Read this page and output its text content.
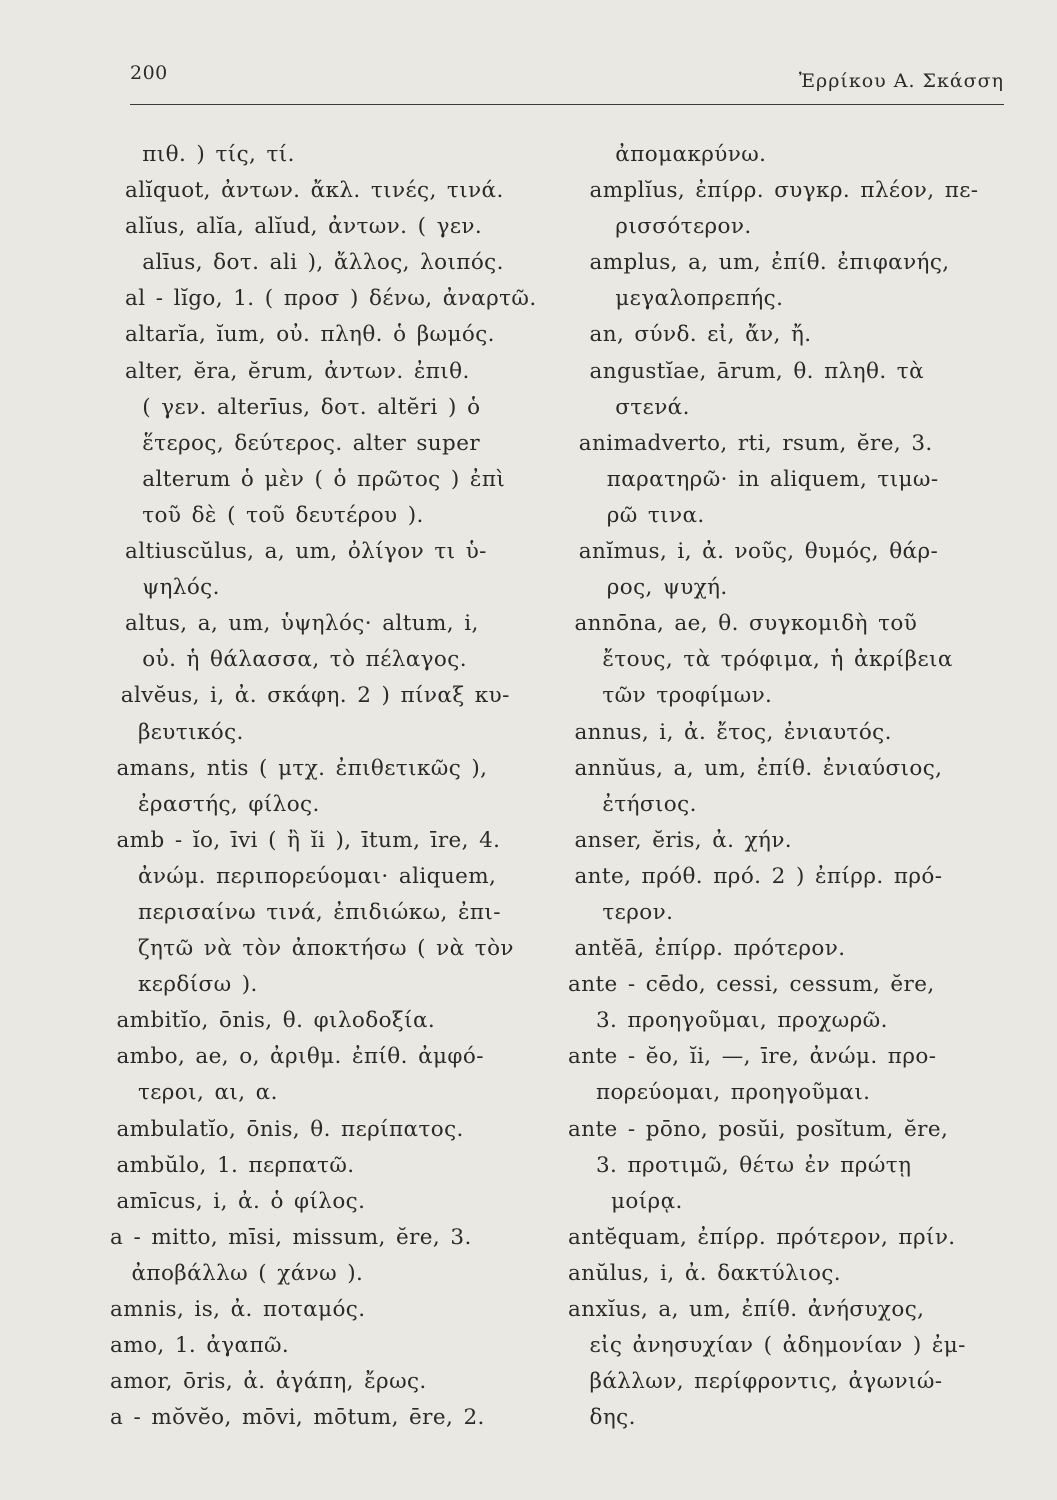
200	Ἐρρίκου Α. Σκάσση
πιθ. ) τίς, τί.
alĭquot, ἀντων. ἄκλ. τινές, τινά.
alĭus, alĭa, alĭud, ἀντων. ( γεν.
alīus, δοτ. ali ), ἄλλος, λοιπός.
al - lĭgo, 1. ( προσ ) δένω, ἀναρτῶ.
altarĭa, ĭum, οὐ. πληθ. ὁ βωμός.
alter, ĕra, ĕrum, ἀντων. ἐπιθ.
( γεν. alterīus, δοτ. altĕri ) ὁ
ἕτερος, δεύτερος. alter super
alterum ὁ μὲν ( ὁ πρῶτος ) ἐπὶ
τοῦ δὲ ( τοῦ δευτέρου ).
altiuscŭlus, a, um, ὀλίγον τι ὑ-
ψηλός.
altus, a, um, ὑψηλός· altum, i,
οὐ. ἡ θάλασσα, τὸ πέλαγος.
alvĕus, i, ἀ. σκάφη. 2 ) πίναξ κυ-
βευτικός.
amans, ntis ( μτχ. ἐπιθετικῶς ),
ἐραστής, φίλος.
amb - ĭo, īvi ( ἢ ĭi ), ītum, īre, 4.
ἀνώμ. περιπορεύομαι· aliquem,
περισαίνω τινά, ἐπιδιώκω, ἐπι-
ζητῶ νὰ τὸν ἀποκτήσω ( νὰ τὸν
κερδίσω ).
ambitĭo, ōnis, θ. φιλοδοξία.
ambo, ae, o, ἀριθμ. ἐπίθ. ἀμφό-
τεροι, αι, α.
ambulatĭo, ōnis, θ. περίπατος.
ambŭlo, 1. περπατῶ.
amīcus, i, ἀ. ὁ φίλος.
a - mitto, mīsi, missum, ĕre, 3.
ἀποβάλλω ( χάνω ).
amnis, is, ἀ. ποταμός.
amo, 1. ἀγαπῶ.
amor, ōris, ἀ. ἀγάπη, ἔρως.
a - mŏvĕo, mōvi, mōtum, ēre, 2.
ἀπομακρύνω.
amplĭus, ἐπίρρ. συγκρ. πλέον, πε-
ρισσότερον.
amplus, a, um, ἐπίθ. ἐπιφανής,
μεγαλοπρεπής.
an, σύνδ. εἰ, ἄν, ἤ.
angustĭae, ārum, θ. πληθ. τὰ
στενά.
animadverto, rti, rsum, ĕre, 3.
παρατηρῶ· in aliquem, τιμω-
ρῶ τινα.
anĭmus, i, ἀ. νοῦς, θυμός, θάρ-
ρος, ψυχή.
annōna, ae, θ. συγκομιδὴ τοῦ
ἔτους, τὰ τρόφιμα, ἡ ἀκρίβεια
τῶν τροφίμων.
annus, i, ἀ. ἔτος, ἐνιαυτός.
annŭus, a, um, ἐπίθ. ἐνιαύσιος,
ἐτήσιος.
anser, ĕris, ἀ. χήν.
ante, πρόθ. πρό. 2 ) ἐπίρρ. πρό-
τερον.
antĕā, ἐπίρρ. πρότερον.
ante - cēdo, cessi, cessum, ĕre,
3. προηγοῦμαι, προχωρῶ.
ante - ĕo, ĭi, —, īre, ἀνώμ. προ-
πορεύομαι, προηγοῦμαι.
ante - pōno, posŭi, posĭtum, ĕre,
3. προτιμῶ, θέτω ἐν πρώτῃ
μοίρᾳ.
antĕquam, ἐπίρρ. πρότερον, πρίν.
anŭlus, i, ἀ. δακτύλιος.
anxĭus, a, um, ἐπίθ. ἀνήσυχος,
εἰς ἀνησυχίαν ( ἀδημονίαν ) ἐμ-
βάλλων, περίφροντις, ἀγωνιώ-
δης.
